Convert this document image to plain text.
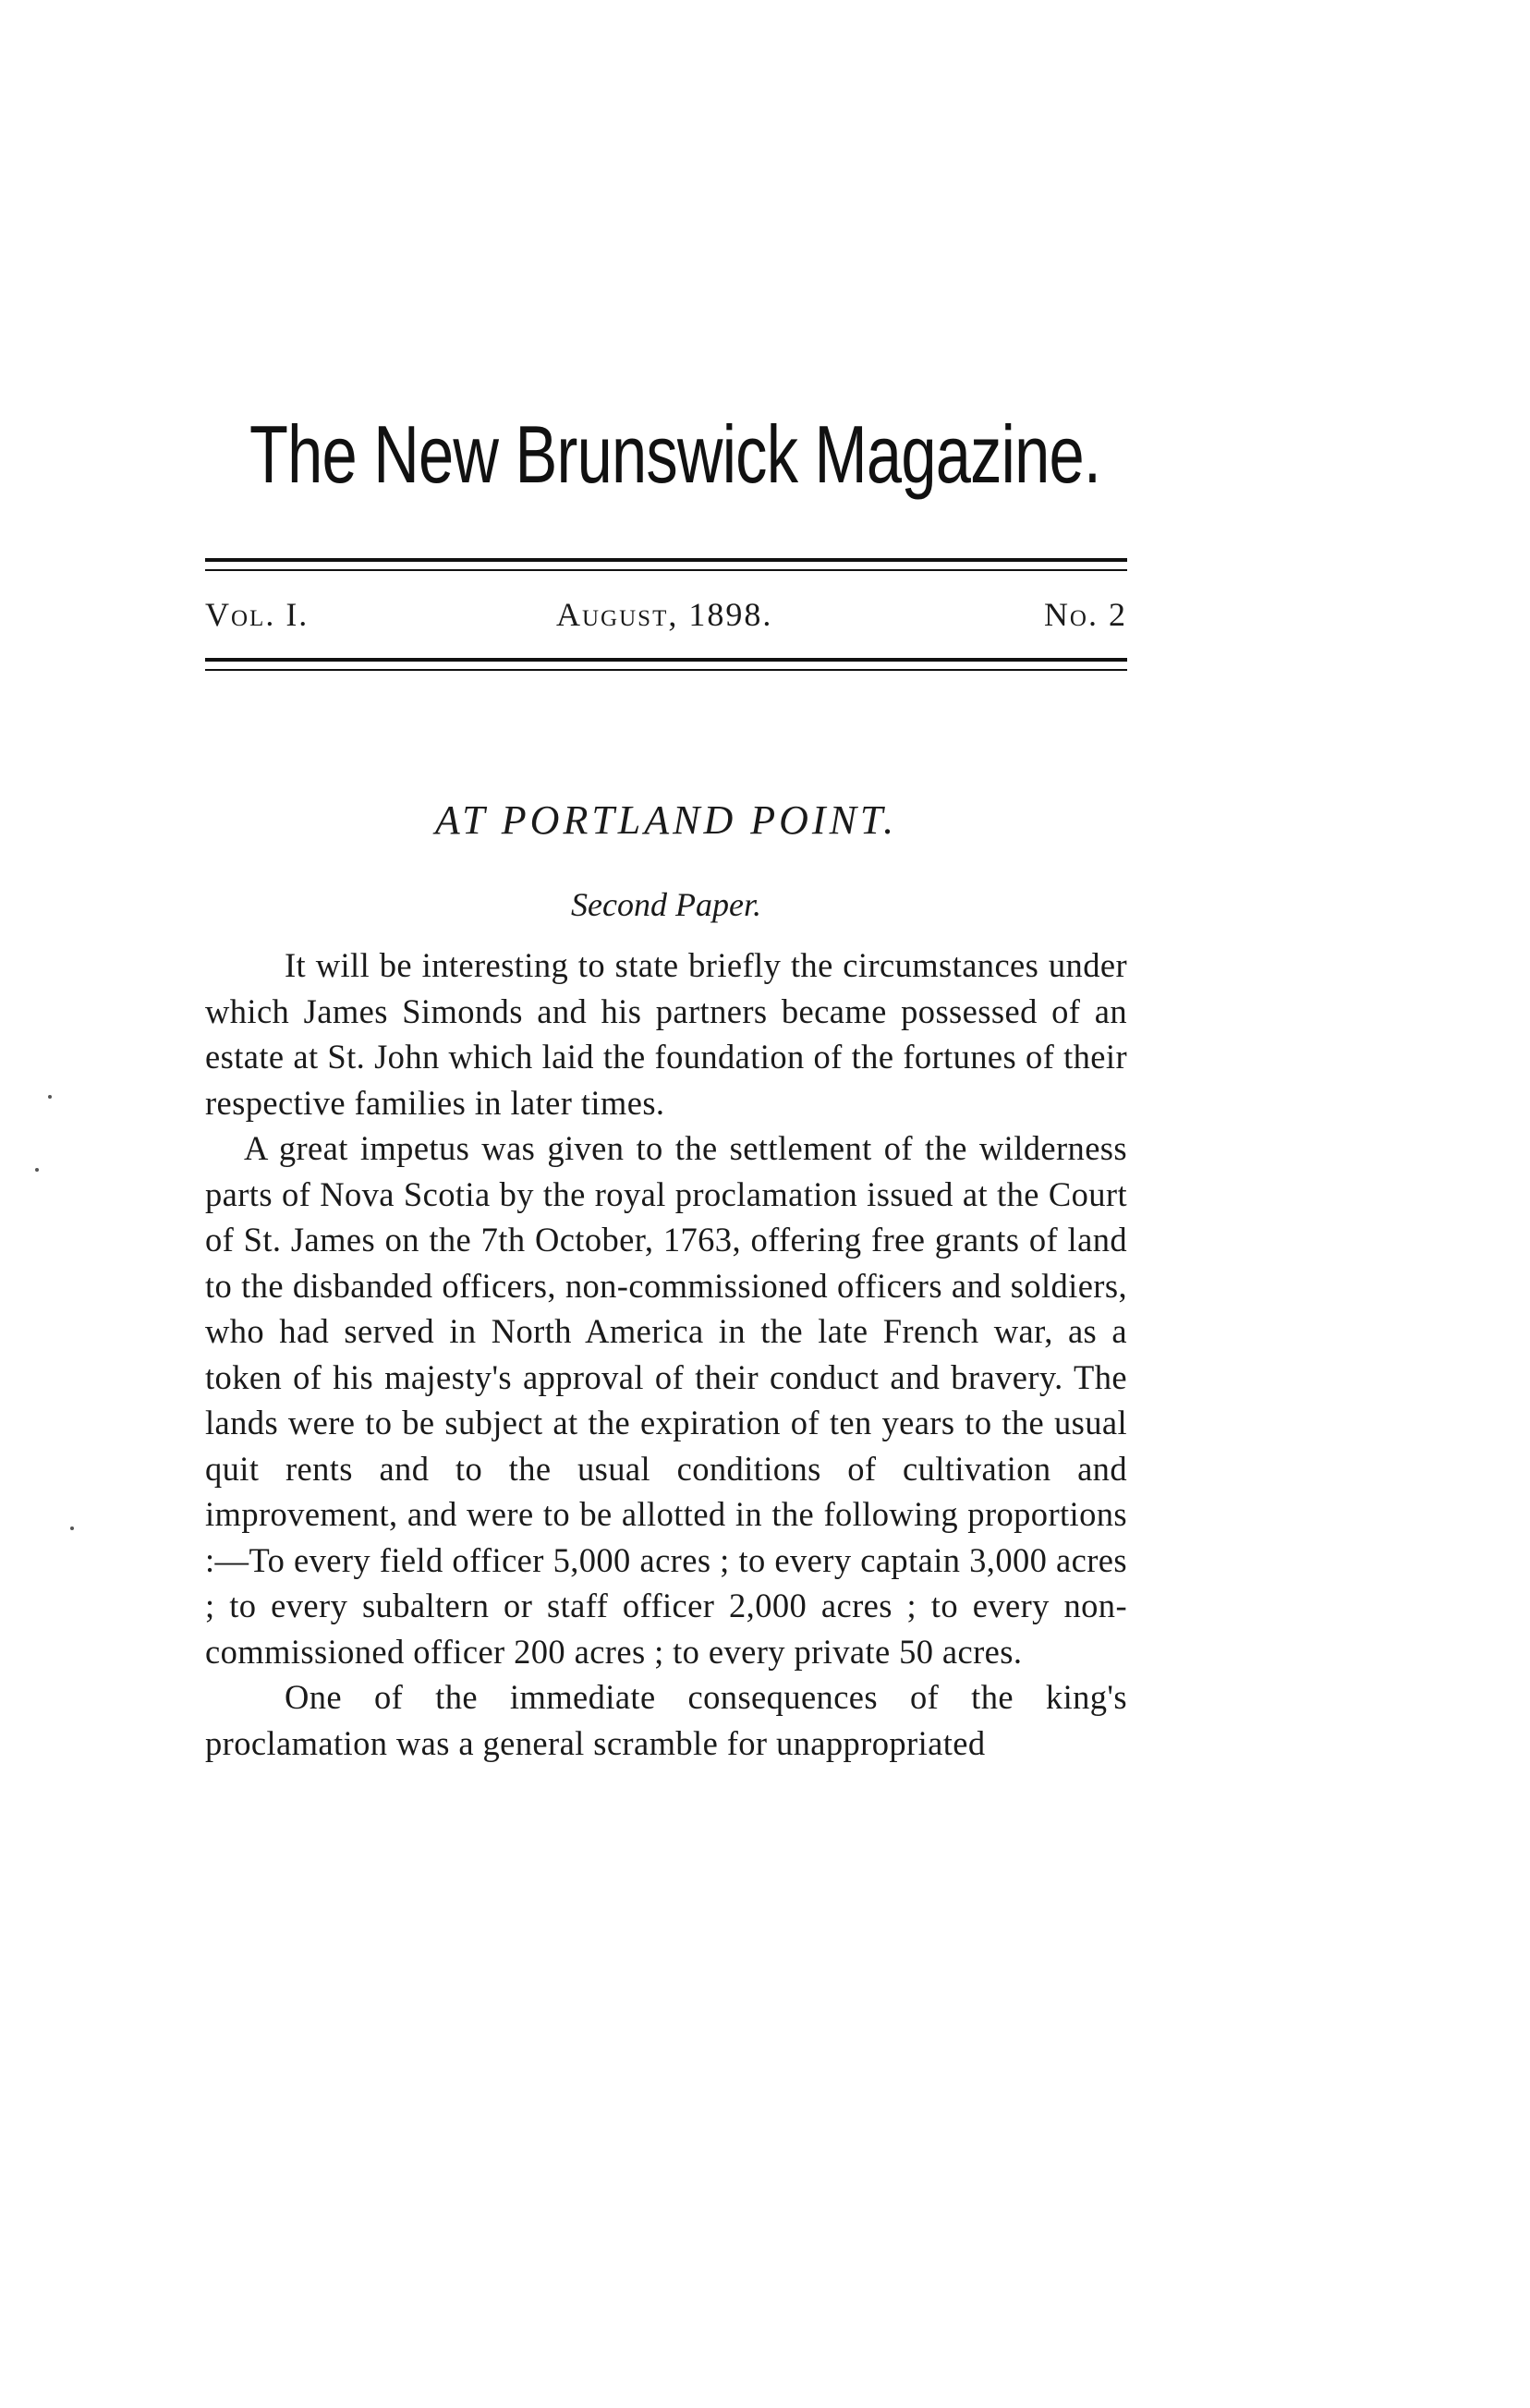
The New Brunswick Magazine.
Vol. I.	August, 1898.	No. 2
AT PORTLAND POINT.
Second Paper.

It will be interesting to state briefly the circumstances under which James Simonds and his partners became possessed of an estate at St. John which laid the foundation of the fortunes of their respective families in later times.

A great impetus was given to the settlement of the wilderness parts of Nova Scotia by the royal proclamation issued at the Court of St. James on the 7th October, 1763, offering free grants of land to the disbanded officers, non-commissioned officers and soldiers, who had served in North America in the late French war, as a token of his majesty's approval of their conduct and bravery. The lands were to be subject at the expiration of ten years to the usual quit rents and to the usual conditions of cultivation and improvement, and were to be allotted in the following proportions :—To every field officer 5,000 acres ; to every captain 3,000 acres ; to every subaltern or staff officer 2,000 acres ; to every non-commissioned officer 200 acres ; to every private 50 acres.

One of the immediate consequences of the king's proclamation was a general scramble for unappropriated
